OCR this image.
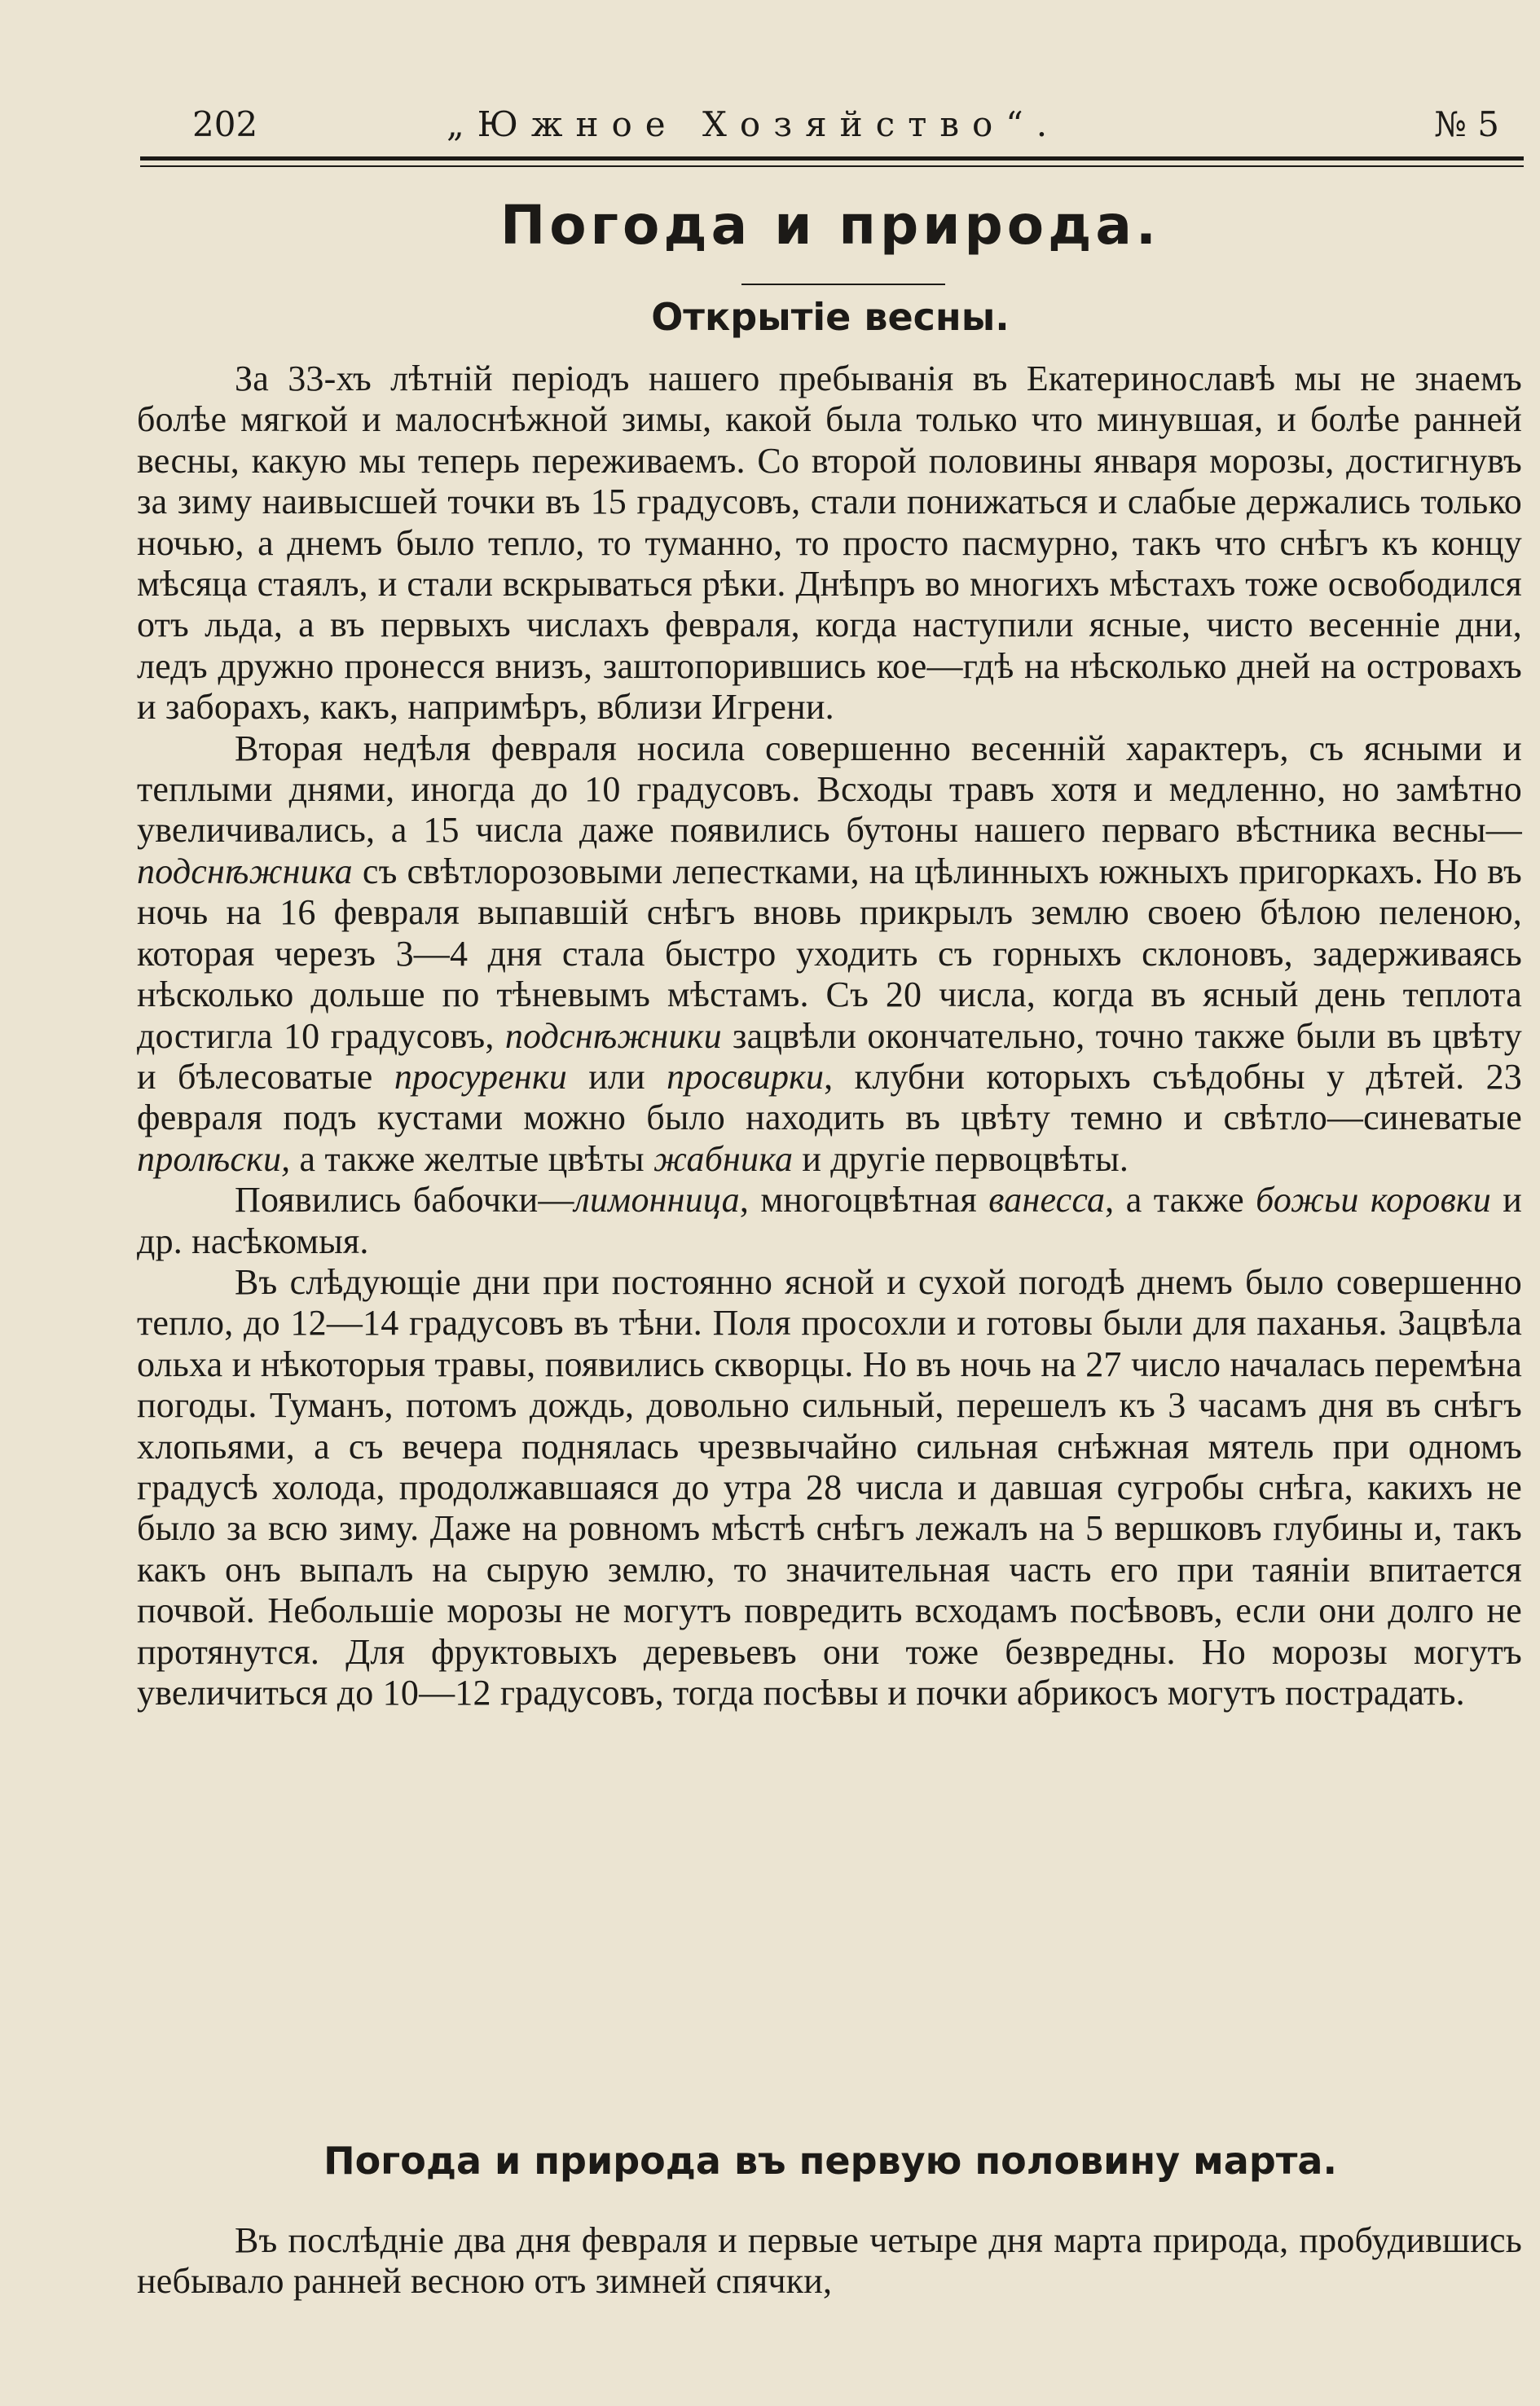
202	„Южное Хозяйство“.	№ 5
Погода и природа.
Открытіе весны.

За 33-хъ лѣтній періодъ нашего пребыванія въ Екатеринославѣ мы не знаемъ болѣе мягкой и малоснѣжной зимы, какой была только что минувшая, и болѣе ранней весны, какую мы теперь переживаемъ. Со второй половины января морозы, достигнувъ за зиму наивысшей точки въ 15 градусовъ, стали понижаться и слабые держались только ночью, а днемъ было тепло, то туманно, то просто пасмурно, такъ что снѣгъ къ концу мѣсяца стаялъ, и стали вскрываться рѣки. Днѣпръ во многихъ мѣстахъ тоже освободился отъ льда, а въ первыхъ числахъ февраля, когда наступили ясные, чисто весенніе дни, ледъ дружно пронесся внизъ, заштопорившись кое—гдѣ на нѣсколько дней на островахъ и заборахъ, какъ, напримѣръ, вблизи Игрени.

Вторая недѣля февраля носила совершенно весенній характеръ, съ ясными и теплыми днями, иногда до 10 градусовъ. Всходы травъ хотя и медленно, но замѣтно увеличивались, а 15 числа даже появились бутоны нашего перваго вѣстника весны—подснѣжника съ свѣтлорозовыми лепестками, на цѣлинныхъ южныхъ пригоркахъ. Но въ ночь на 16 февраля выпавшій снѣгъ вновь прикрылъ землю своею бѣлою пеленою, которая черезъ 3—4 дня стала быстро уходить съ горныхъ склоновъ, задерживаясь нѣсколько дольше по тѣневымъ мѣстамъ. Съ 20 числа, когда въ ясный день теплота достигла 10 градусовъ, подснѣжники зацвѣли окончательно, точно также были въ цвѣту и бѣлесоватые просуренки или просвирки, клубни которыхъ съѣдобны у дѣтей. 23 февраля подъ кустами можно было находить въ цвѣту темно и свѣтло—синеватые пролѣски, а также желтые цвѣты жабника и другіе первоцвѣты.

Появились бабочки—лимонница, многоцвѣтная ванесса, а также божьи коровки и др. насѣкомыя.

Въ слѣдующіе дни при постоянно ясной и сухой погодѣ днемъ было совершенно тепло, до 12—14 градусовъ въ тѣни. Поля просохли и готовы были для паханья. Зацвѣла ольха и нѣкоторыя травы, появились скворцы. Но въ ночь на 27 число началась перемѣна погоды. Туманъ, потомъ дождь, довольно сильный, перешелъ къ 3 часамъ дня въ снѣгъ хлопьями, а съ вечера поднялась чрезвычайно сильная снѣжная мятель при одномъ градусѣ холода, продолжавшаяся до утра 28 числа и давшая сугробы снѣга, какихъ не было за всю зиму. Даже на ровномъ мѣстѣ снѣгъ лежалъ на 5 вершковъ глубины и, такъ какъ онъ выпалъ на сырую землю, то значительная часть его при таяніи впитается почвой. Небольшіе морозы не могутъ повредить всходамъ посѣвовъ, если они долго не протянутся. Для фруктовыхъ деревьевъ они тоже безвредны. Но морозы могутъ увеличиться до 10—12 градусовъ, тогда посѣвы и почки абрикосъ могутъ пострадать.

Погода и природа въ первую половину марта.

Въ послѣдніе два дня февраля и первые четыре дня марта природа, пробудившись небывало ранней весною отъ зимней спячки,
